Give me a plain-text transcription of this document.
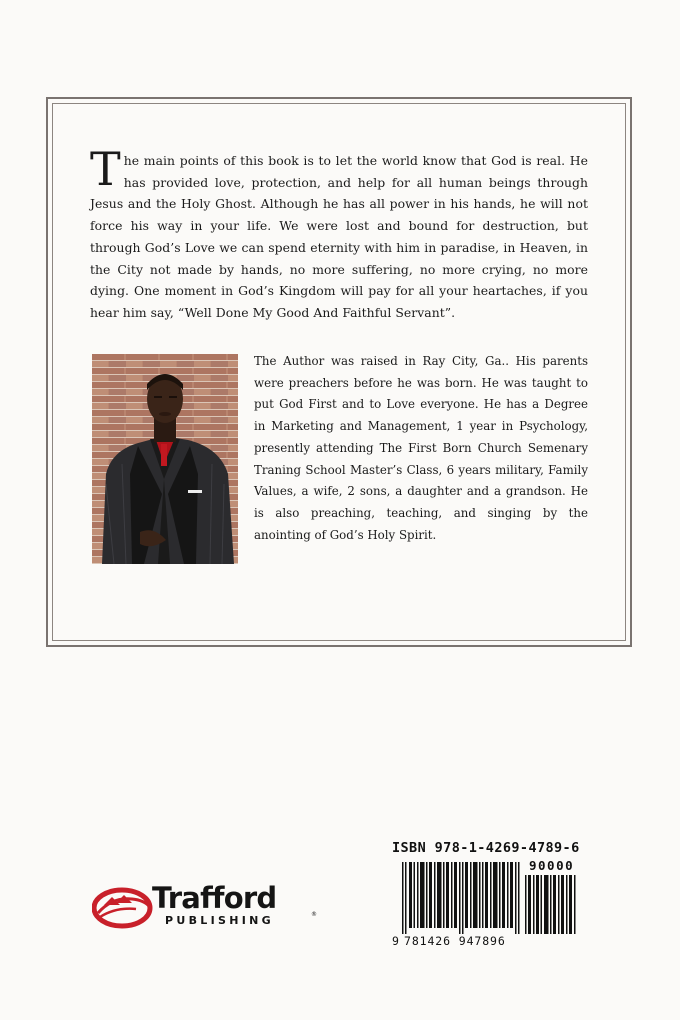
The main points of this book is to let the world know that God is real. He has provided love, protection, and help for all human beings through Jesus and the Holy Ghost. Although he has all power in his hands, he will not force his way in your life. We were lost and bound for destruction, but through God’s Love we can spend eternity with him in paradise, in Heaven, in the City not made by hands, no more suffering, no more crying, no more dying. One moment in God’s Kingdom will pay for all your heartaches, if you hear him say, “Well Done My Good And Faithful Servant”.
The Author was raised in Ray City, Ga.. His parents were preachers before he was born. He was taught to put God First and to Love everyone. He has a Degree in Marketing and Management, 1 year in Psychology, presently attending The First Born Church Semenary Traning School Master’s Class, 6 years military, Family Values, a wife, 2 sons, a daughter and a grandson. He is also preaching, teaching, and singing by the anointing of God’s Holy Spirit.
ISBN 978-1-4269-4789-6
90000
9 781426 947896
Trafford
PUBLISHING	®
